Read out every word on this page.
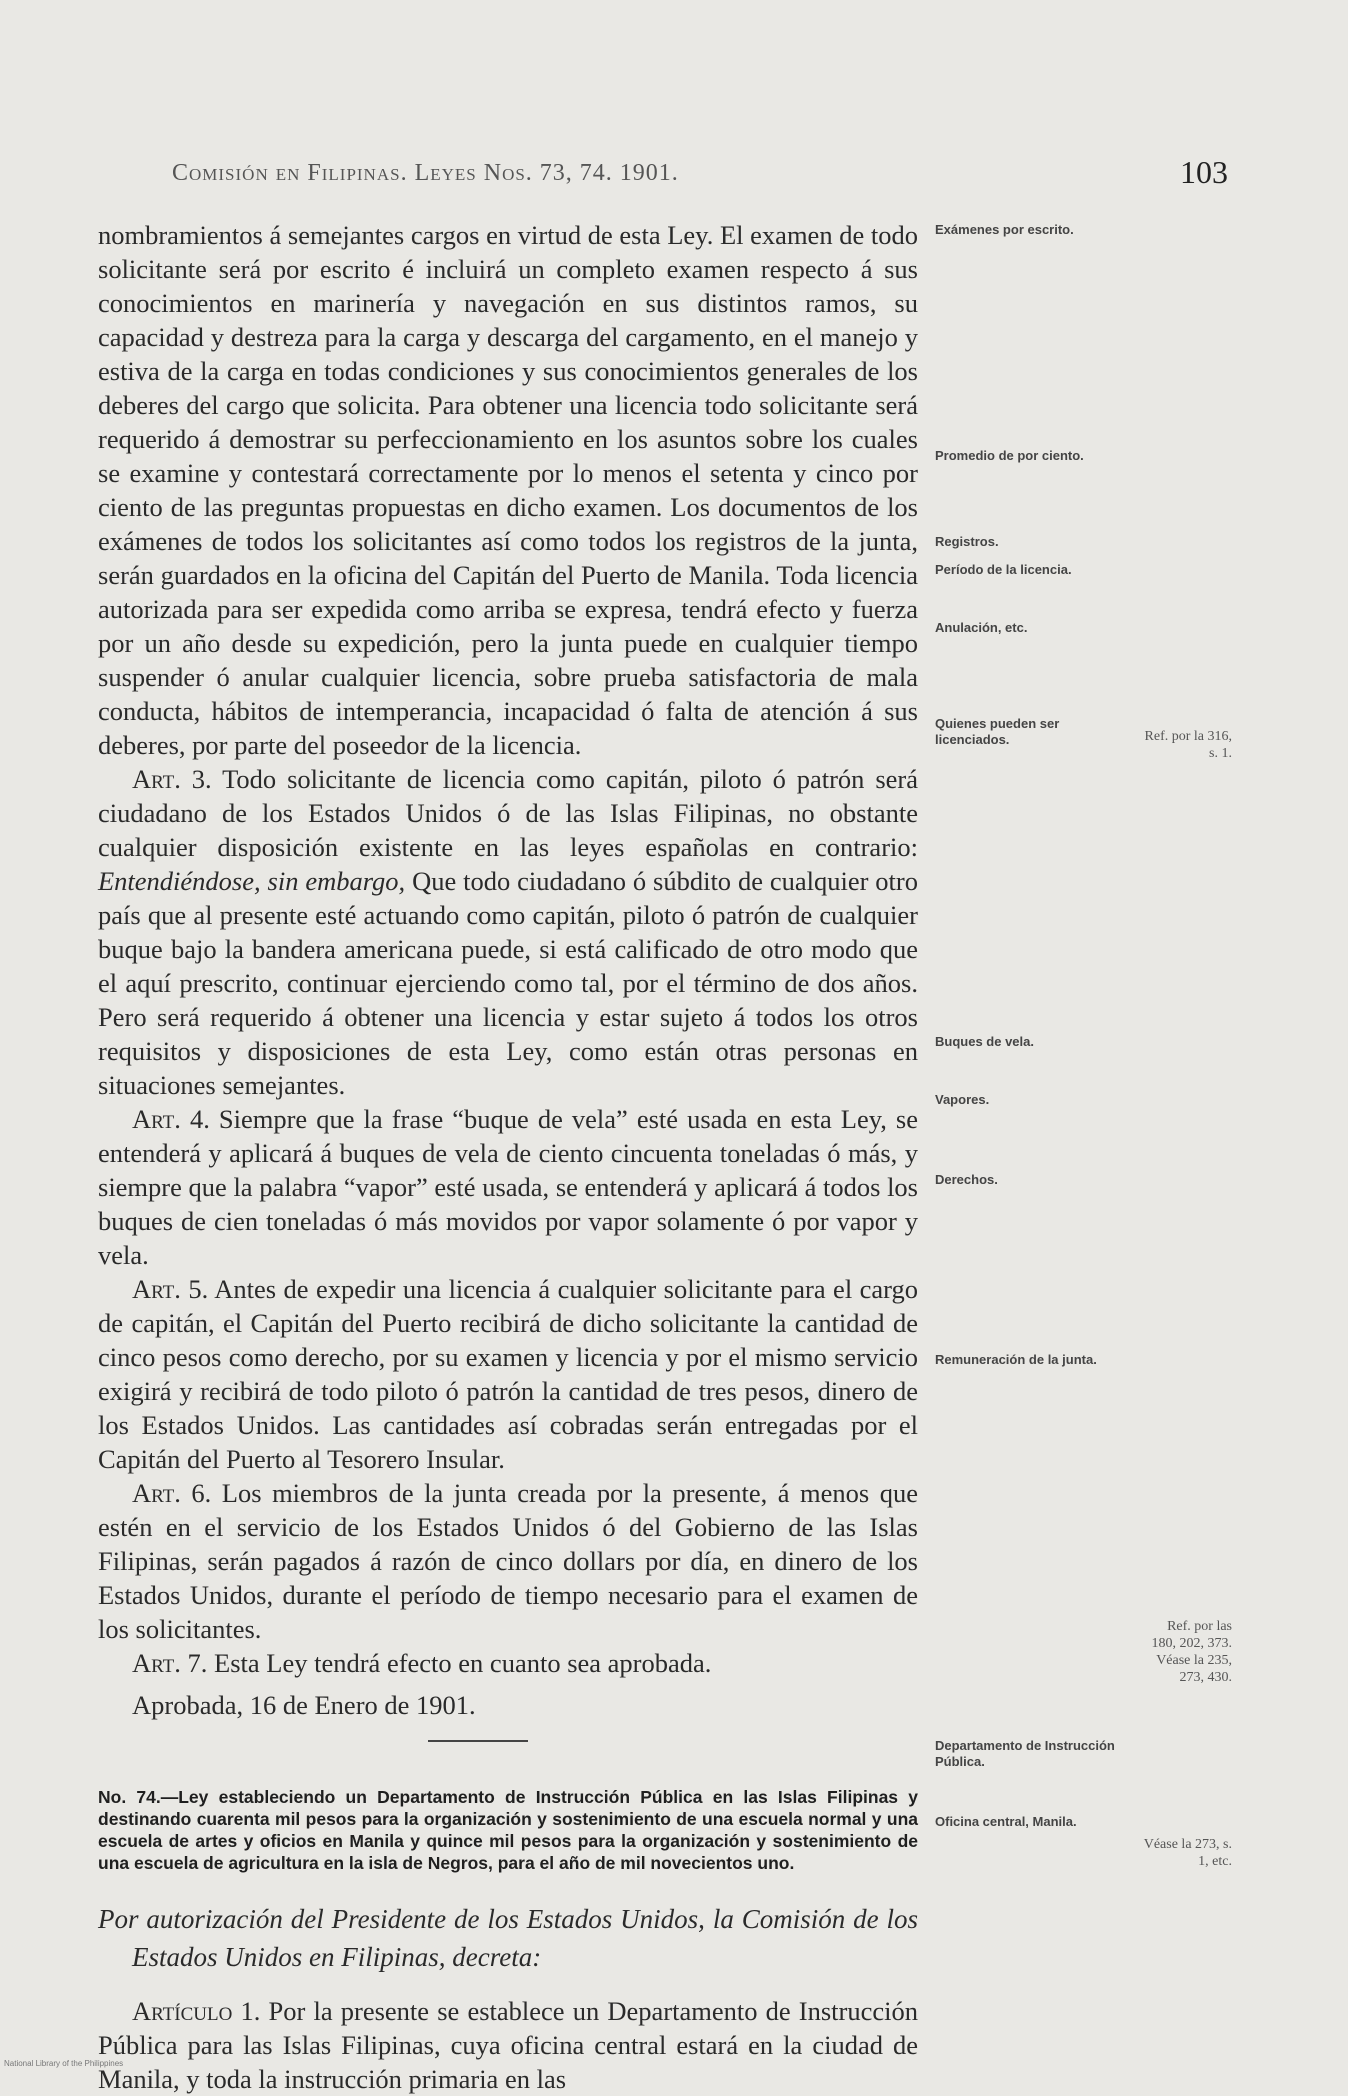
Comisión en Filipinas. Leyes Nos. 73, 74. 1901.	103

nombramientos á semejantes cargos en virtud de esta Ley. El examen de todo solicitante será por escrito é incluirá un completo examen respecto á sus conocimientos en marinería y navegación en sus distintos ramos, su capacidad y destreza para la carga y descarga del cargamento, en el manejo y estiva de la carga en todas condiciones y sus conocimientos generales de los deberes del cargo que solicita. Para obtener una licencia todo solicitante será requerido á demostrar su perfeccionamiento en los asuntos sobre los cuales se examine y contestará correctamente por lo menos el setenta y cinco por ciento de las preguntas propuestas en dicho examen. Los documentos de los exámenes de todos los solicitantes así como todos los registros de la junta, serán guardados en la oficina del Capitán del Puerto de Manila. Toda licencia autorizada para ser expedida como arriba se expresa, tendrá efecto y fuerza por un año desde su expedición, pero la junta puede en cualquier tiempo suspender ó anular cualquier licencia, sobre prueba satisfactoria de mala conducta, hábitos de intemperancia, incapacidad ó falta de atención á sus deberes, por parte del poseedor de la licencia.

Art. 3. Todo solicitante de licencia como capitán, piloto ó patrón será ciudadano de los Estados Unidos ó de las Islas Filipinas, no obstante cualquier disposición existente en las leyes españolas en contrario: Entendiéndose, sin embargo, Que todo ciudadano ó súbdito de cualquier otro país que al presente esté actuando como capitán, piloto ó patrón de cualquier buque bajo la bandera americana puede, si está calificado de otro modo que el aquí prescrito, continuar ejerciendo como tal, por el término de dos años. Pero será requerido á obtener una licencia y estar sujeto á todos los otros requisitos y disposiciones de esta Ley, como están otras personas en situaciones semejantes.

Art. 4. Siempre que la frase “buque de vela” esté usada en esta Ley, se entenderá y aplicará á buques de vela de ciento cincuenta toneladas ó más, y siempre que la palabra “vapor” esté usada, se entenderá y aplicará á todos los buques de cien toneladas ó más movidos por vapor solamente ó por vapor y vela.

Art. 5. Antes de expedir una licencia á cualquier solicitante para el cargo de capitán, el Capitán del Puerto recibirá de dicho solicitante la cantidad de cinco pesos como derecho, por su examen y licencia y por el mismo servicio exigirá y recibirá de todo piloto ó patrón la cantidad de tres pesos, dinero de los Estados Unidos. Las cantidades así cobradas serán entregadas por el Capitán del Puerto al Tesorero Insular.

Art. 6. Los miembros de la junta creada por la presente, á menos que estén en el servicio de los Estados Unidos ó del Gobierno de las Islas Filipinas, serán pagados á razón de cinco dollars por día, en dinero de los Estados Unidos, durante el período de tiempo necesario para el examen de los solicitantes.

Art. 7. Esta Ley tendrá efecto en cuanto sea aprobada.

Aprobada, 16 de Enero de 1901.

No. 74.—Ley estableciendo un Departamento de Instrucción Pública en las Islas Filipinas y destinando cuarenta mil pesos para la organización y sostenimiento de una escuela normal y una escuela de artes y oficios en Manila y quince mil pesos para la organización y sostenimiento de una escuela de agricultura en la isla de Negros, para el año de mil novecientos uno.

Por autorización del Presidente de los Estados Unidos, la Comisión de los Estados Unidos en Filipinas, decreta:

Artículo 1. Por la presente se establece un Departamento de Instrucción Pública para las Islas Filipinas, cuya oficina central estará en la ciudad de Manila, y toda la instrucción primaria en las

Exámenes por escrito.
Promedio de por ciento.
Registros.
Período de la licencia.
Anulación, etc.
Quienes pueden ser licenciados.
Buques de vela.
Vapores.
Derechos.
Remuneración de la junta.
Departamento de Instrucción Pública.
Oficina central, Manila.
Ref. por la 316, s. 1.
Ref. por las 180, 202, 373. Véase la 235, 273, 430.
Véase la 273, s. 1, etc.
National Library of the Philippines
